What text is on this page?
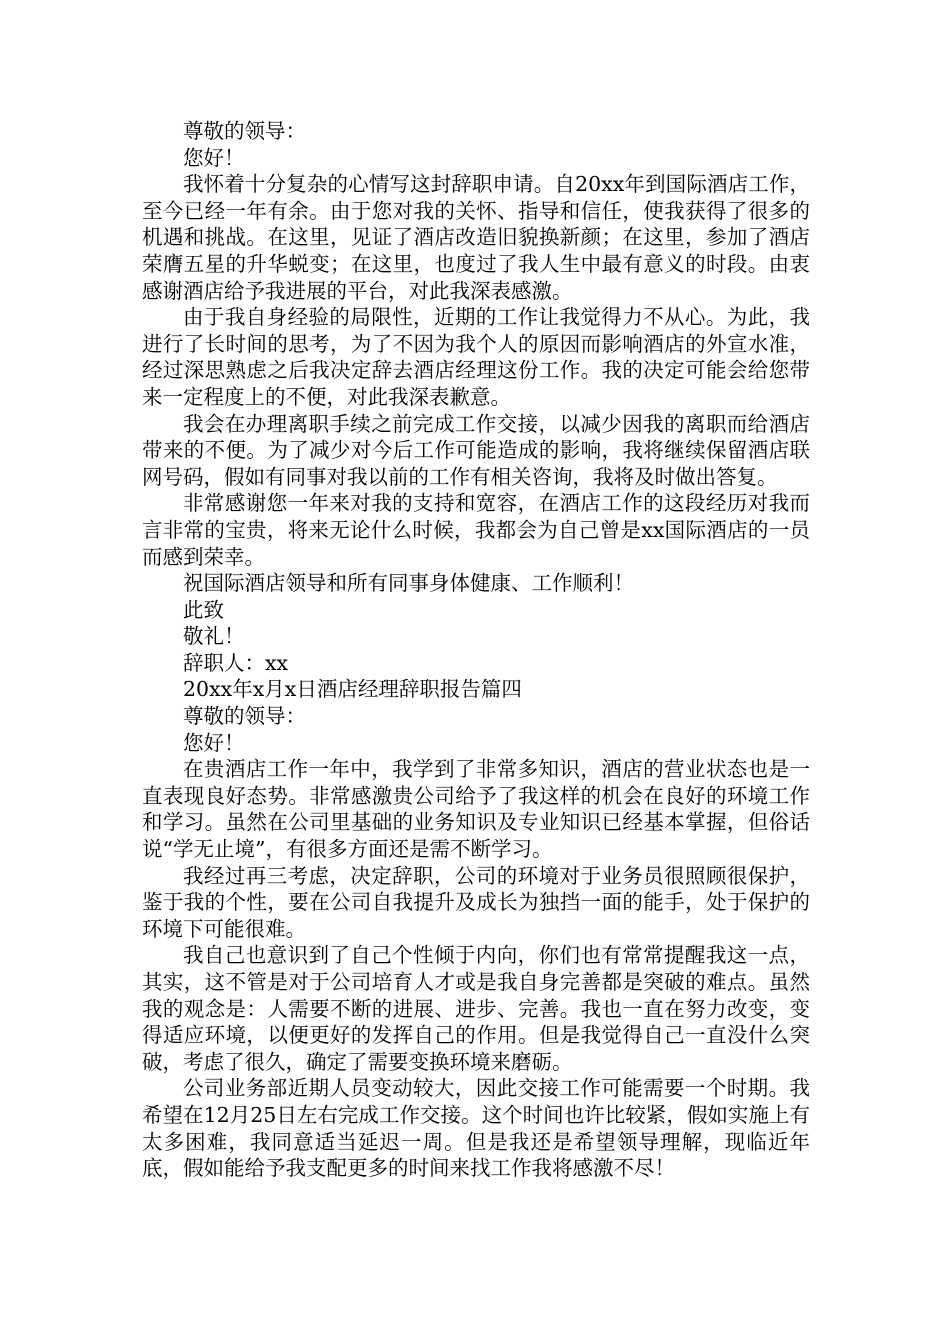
尊敬的领导：

您好！

我怀着十分复杂的心情写这封辞职申请。自20xx年到国际酒店工作，至今已经一年有余。由于您对我的关怀、指导和信任，使我获得了很多的机遇和挑战。在这里，见证了酒店改造旧貌换新颜；在这里，参加了酒店荣膺五星的升华蜕变；在这里，也度过了我人生中最有意义的时段。由衷感谢酒店给予我进展的平台，对此我深表感激。

由于我自身经验的局限性，近期的工作让我觉得力不从心。为此，我进行了长时间的思考，为了不因为我个人的原因而影响酒店的外宣水准，经过深思熟虑之后我决定辞去酒店经理这份工作。我的决定可能会给您带来一定程度上的不便，对此我深表歉意。

我会在办理离职手续之前完成工作交接，以减少因我的离职而给酒店带来的不便。为了减少对今后工作可能造成的影响，我将继续保留酒店联网号码，假如有同事对我以前的工作有相关咨询，我将及时做出答复。

非常感谢您一年来对我的支持和宽容，在酒店工作的这段经历对我而言非常的宝贵，将来无论什么时候，我都会为自己曾是xx国际酒店的一员而感到荣幸。

祝国际酒店领导和所有同事身体健康、工作顺利！

此致

敬礼！

辞职人：xx

20xx年x月x日酒店经理辞职报告篇四

尊敬的领导：

您好！

在贵酒店工作一年中，我学到了非常多知识，酒店的营业状态也是一直表现良好态势。非常感激贵公司给予了我这样的机会在良好的环境工作和学习。虽然在公司里基础的业务知识及专业知识已经基本掌握，但俗话说“学无止境”，有很多方面还是需不断学习。

我经过再三考虑，决定辞职，公司的环境对于业务员很照顾很保护，鉴于我的个性，要在公司自我提升及成长为独挡一面的能手，处于保护的环境下可能很难。

我自己也意识到了自己个性倾于内向，你们也有常常提醒我这一点，其实，这不管是对于公司培育人才或是我自身完善都是突破的难点。虽然我的观念是：人需要不断的进展、进步、完善。我也一直在努力改变，变得适应环境，以便更好的发挥自己的作用。但是我觉得自己一直没什么突破，考虑了很久，确定了需要变换环境来磨砺。

公司业务部近期人员变动较大，因此交接工作可能需要一个时期。我希望在12月25日左右完成工作交接。这个时间也许比较紧，假如实施上有太多困难，我同意适当延迟一周。但是我还是希望领导理解，现临近年底，假如能给予我支配更多的时间来找工作我将感激不尽！
